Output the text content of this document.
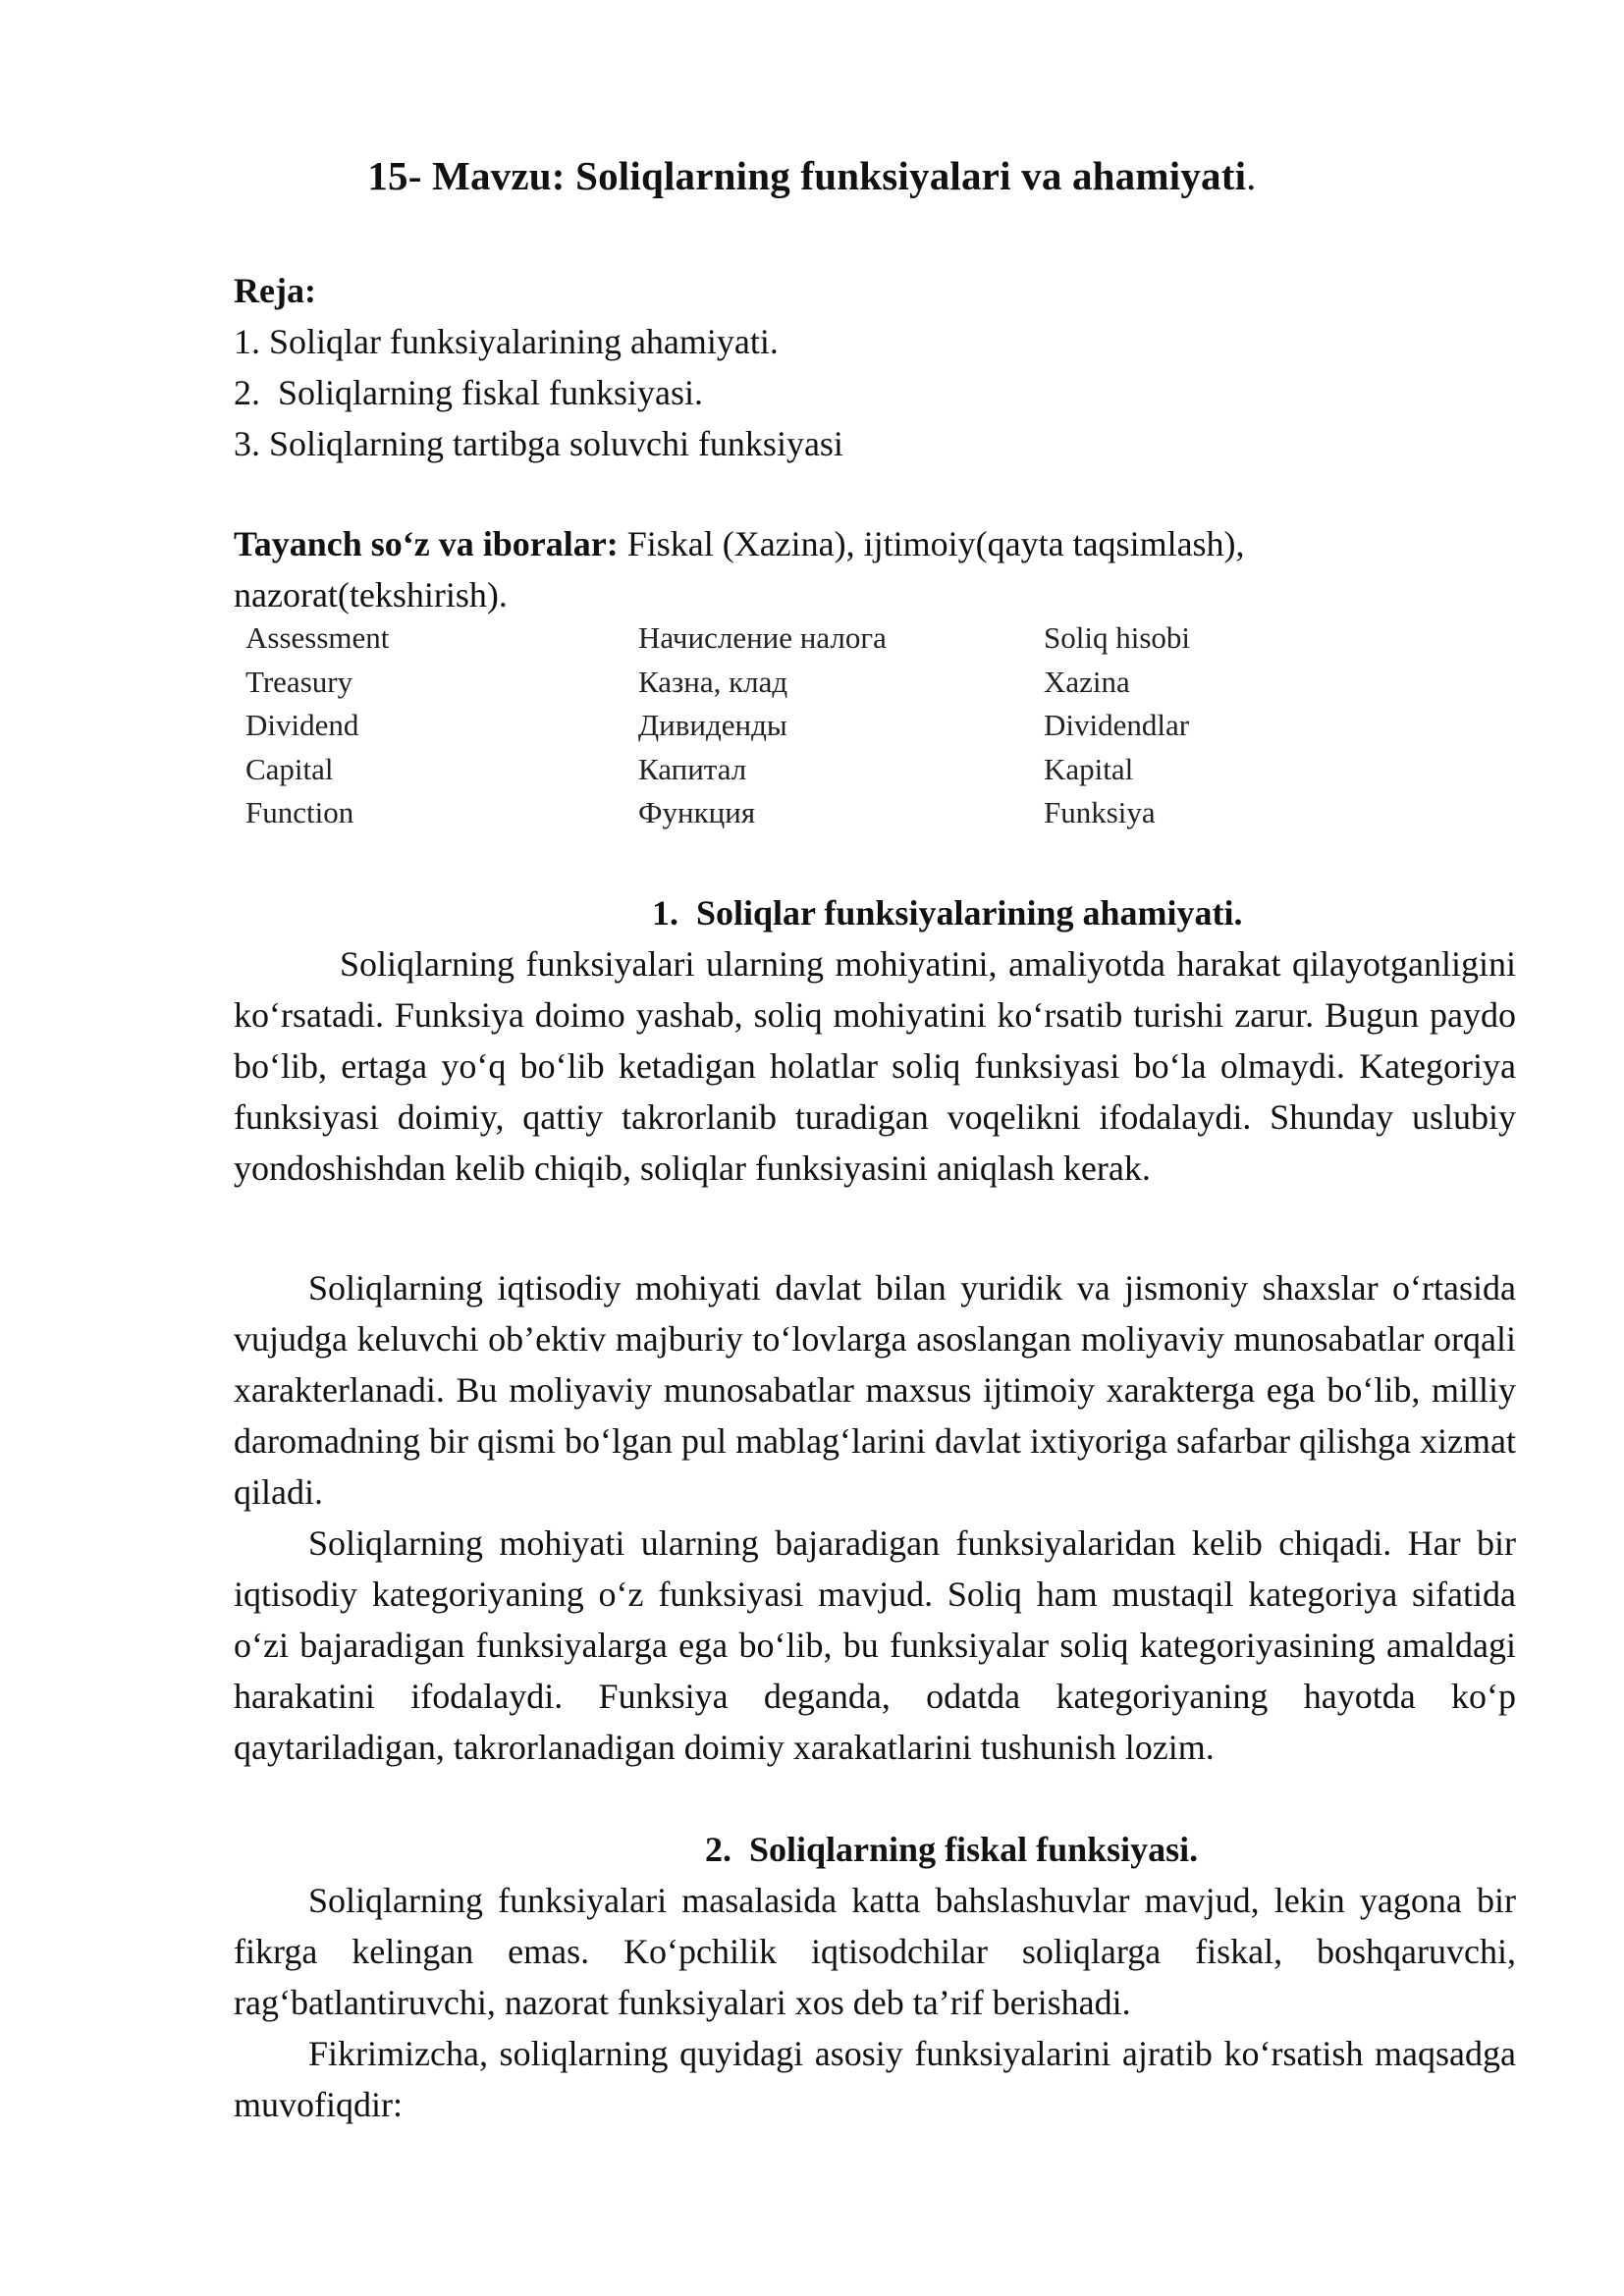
15- Mavzu: Soliqlarning funksiyalari va ahamiyati.
Reja:
1. Soliqlar funksiyalarining ahamiyati.
2.  Soliqlarning fiskal funksiyasi.
3. Soliqlarning tartibga soluvchi funksiyasi
Tayanch so‘z va iboralar: Fiskal (Xazina), ijtimoiy(qayta taqsimlash), nazorat(tekshirish).
Assessment	Начисление налога	Soliq hisobi
Treasury	Казна, клад	Xazina
Dividend	Дивиденды	Dividendlar
Capital	Капитал	Kapital
Function	Функция	Funksiya
1.  Soliqlar funksiyalarining ahamiyati.

Soliqlarning funksiyalari ularning mohiyatini, amaliyotda harakat qilayotganligini ko‘rsatadi. Funksiya doimo yashab, soliq mohiyatini ko‘rsatib turishi zarur. Bugun paydo bo‘lib, ertaga yo‘q bo‘lib ketadigan holatlar soliq funksiyasi bo‘la olmaydi. Kategoriya funksiyasi doimiy, qattiy takrorlanib turadigan voqelikni ifodalaydi. Shunday uslubiy yondoshishdan kelib chiqib, soliqlar funksiyasini aniqlash kerak.

Soliqlarning iqtisodiy mohiyati davlat bilan yuridik va jismoniy shaxslar o‘rtasida vujudga keluvchi ob’ektiv majburiy to‘lovlarga asoslangan moliyaviy munosabatlar orqali xarakterlanadi. Bu moliyaviy munosabatlar maxsus ijtimoiy xarakterga ega bo‘lib, milliy daromadning bir qismi bo‘lgan pul mablag‘larini davlat ixtiyoriga safarbar qilishga xizmat qiladi.

Soliqlarning mohiyati ularning bajaradigan funksiyalaridan kelib chiqadi. Har bir iqtisodiy kategoriyaning o‘z funksiyasi mavjud. Soliq ham mustaqil kategoriya sifatida o‘zi bajaradigan funksiyalarga ega bo‘lib, bu funksiyalar soliq kategoriyasining amaldagi harakatini ifodalaydi. Funksiya deganda, odatda kategoriyaning hayotda ko‘p qaytariladigan, takrorlanadigan doimiy xarakatlarini tushunish lozim.

2.  Soliqlarning fiskal funksiyasi.

Soliqlarning funksiyalari masalasida katta bahslashuvlar mavjud, lekin yagona bir fikrga kelingan emas. Ko‘pchilik iqtisodchilar soliqlarga fiskal, boshqaruvchi, rag‘batlantiruvchi, nazorat funksiyalari xos deb ta’rif berishadi.

Fikrimizcha, soliqlarning quyidagi asosiy funksiyalarini ajratib ko‘rsatish maqsadga muvofiqdir:
